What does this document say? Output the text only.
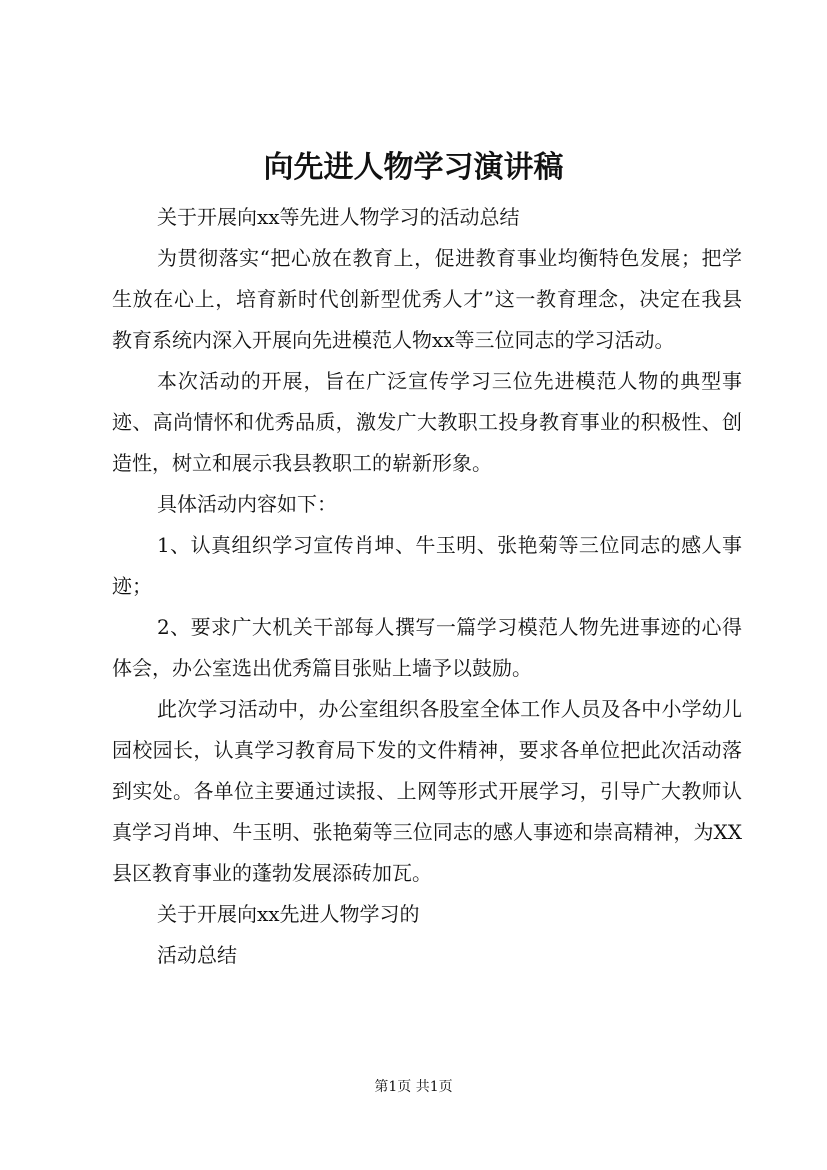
向先进人物学习演讲稿

关于开展向xx等先进人物学习的活动总结

为贯彻落实“把心放在教育上，促进教育事业均衡特色发展；把学生放在心上，培育新时代创新型优秀人才”这一教育理念，决定在我县教育系统内深入开展向先进模范人物xx等三位同志的学习活动。

本次活动的开展，旨在广泛宣传学习三位先进模范人物的典型事迹、高尚情怀和优秀品质，激发广大教职工投身教育事业的积极性、创造性，树立和展示我县教职工的崭新形象。

具体活动内容如下：

1、认真组织学习宣传肖坤、牛玉明、张艳菊等三位同志的感人事迹；

2、要求广大机关干部每人撰写一篇学习模范人物先进事迹的心得体会，办公室选出优秀篇目张贴上墙予以鼓励。

此次学习活动中，办公室组织各股室全体工作人员及各中小学幼儿园校园长，认真学习教育局下发的文件精神，要求各单位把此次活动落到实处。各单位主要通过读报、上网等形式开展学习，引导广大教师认真学习肖坤、牛玉明、张艳菊等三位同志的感人事迹和崇高精神，为XX县区教育事业的蓬勃发展添砖加瓦。

关于开展向xx先进人物学习的

活动总结

第1页 共1页
